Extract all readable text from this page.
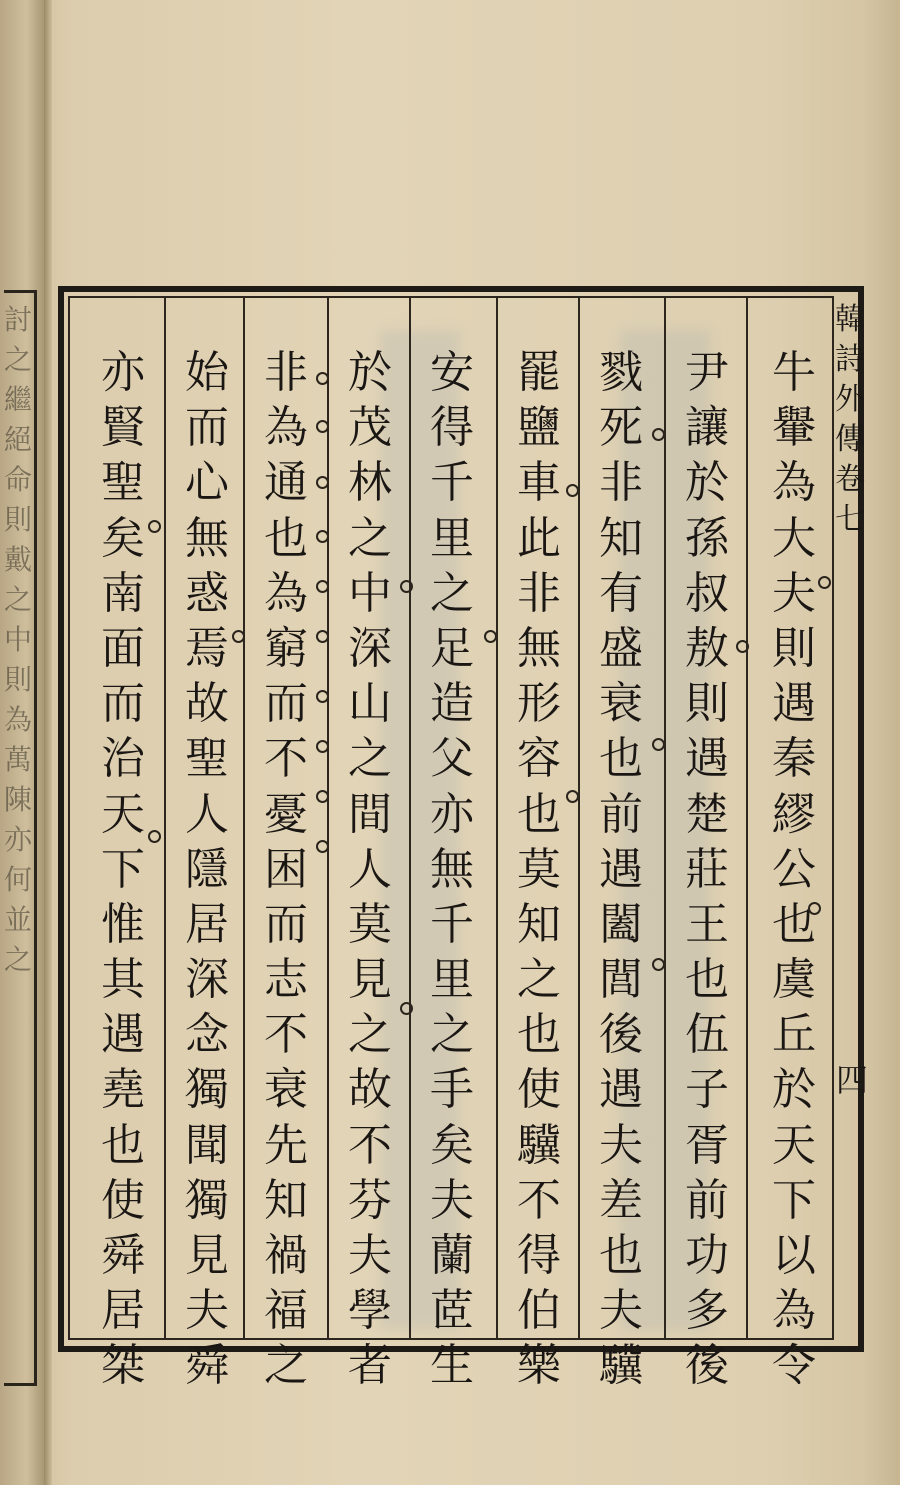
討
之
繼
絕
命
則
戴
之
中
則
為
萬
陳
亦
何
並
之
牛
轝
為
大
夫
則
遇
秦
繆
公
也
虞
丘
於
天
下
以
為
令
尹
讓
於
孫
叔
敖
則
遇
楚
莊
王
也
伍
子
胥
前
功
多
後
戮
死
非
知
有
盛
衰
也
前
遇
闔
閭
後
遇
夫
差
也
夫
驥
罷
鹽
車
此
非
無
形
容
也
莫
知
之
也
使
驥
不
得
伯
樂
安
得
千
里
之
足
造
父
亦
無
千
里
之
手
矣
夫
蘭
茝
生
於
茂
林
之
中
深
山
之
間
人
莫
見
之
故
不
芬
夫
學
者
非
為
通
也
為
窮
而
不
憂
困
而
志
不
衰
先
知
禍
福
之
始
而
心
無
惑
焉
故
聖
人
隱
居
深
念
獨
聞
獨
見
夫
舜
亦
賢
聖
矣
南
面
而
治
天
下
惟
其
遇
堯
也
使
舜
居
桀
韓
詩
外
傳
卷
七
四
